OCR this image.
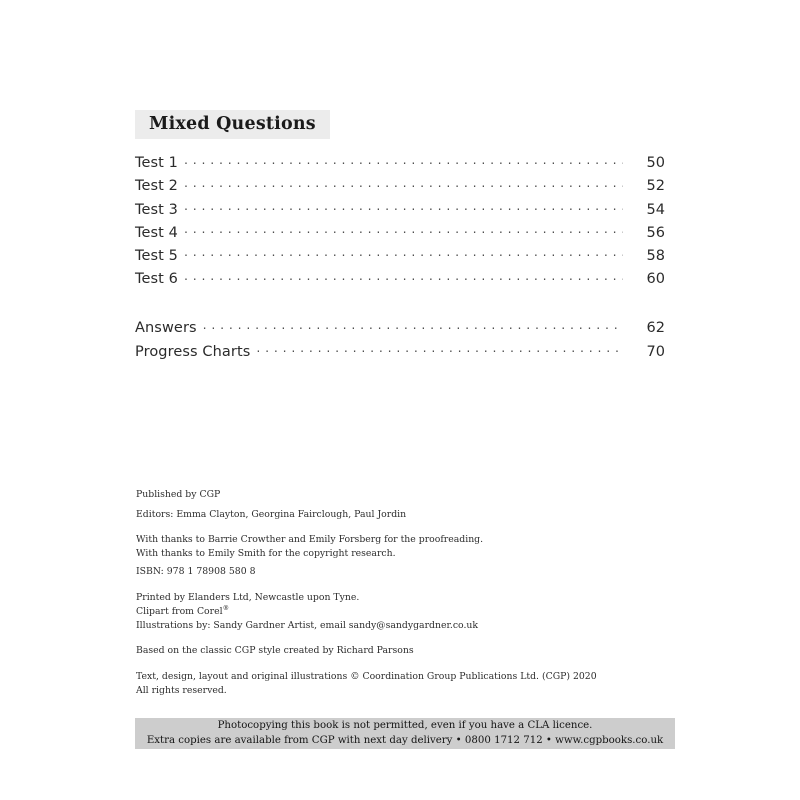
Mixed Questions
Test 1 . . .	50
Test 2 . . .	52
Test 3 . . .	54
Test 4 . . .	56
Test 5 . . .	58
Test 6 . . .	60
Answers . . .	62
Progress Charts . . .	70

Published by CGP

Editors: Emma Clayton, Georgina Fairclough, Paul Jordin

With thanks to Barrie Crowther and Emily Forsberg for the proofreading.

With thanks to Emily Smith for the copyright research.

ISBN: 978 1 78908 580 8

Printed by Elanders Ltd, Newcastle upon Tyne.

Clipart from Corel®

Illustrations by: Sandy Gardner Artist, email sandy@sandygardner.co.uk

Based on the classic CGP style created by Richard Parsons

Text, design, layout and original illustrations © Coordination Group Publications Ltd. (CGP) 2020

All rights reserved.

Photocopying this book is not permitted, even if you have a CLA licence.
Extra copies are available from CGP with next day delivery • 0800 1712 712 • www.cgpbooks.co.uk
